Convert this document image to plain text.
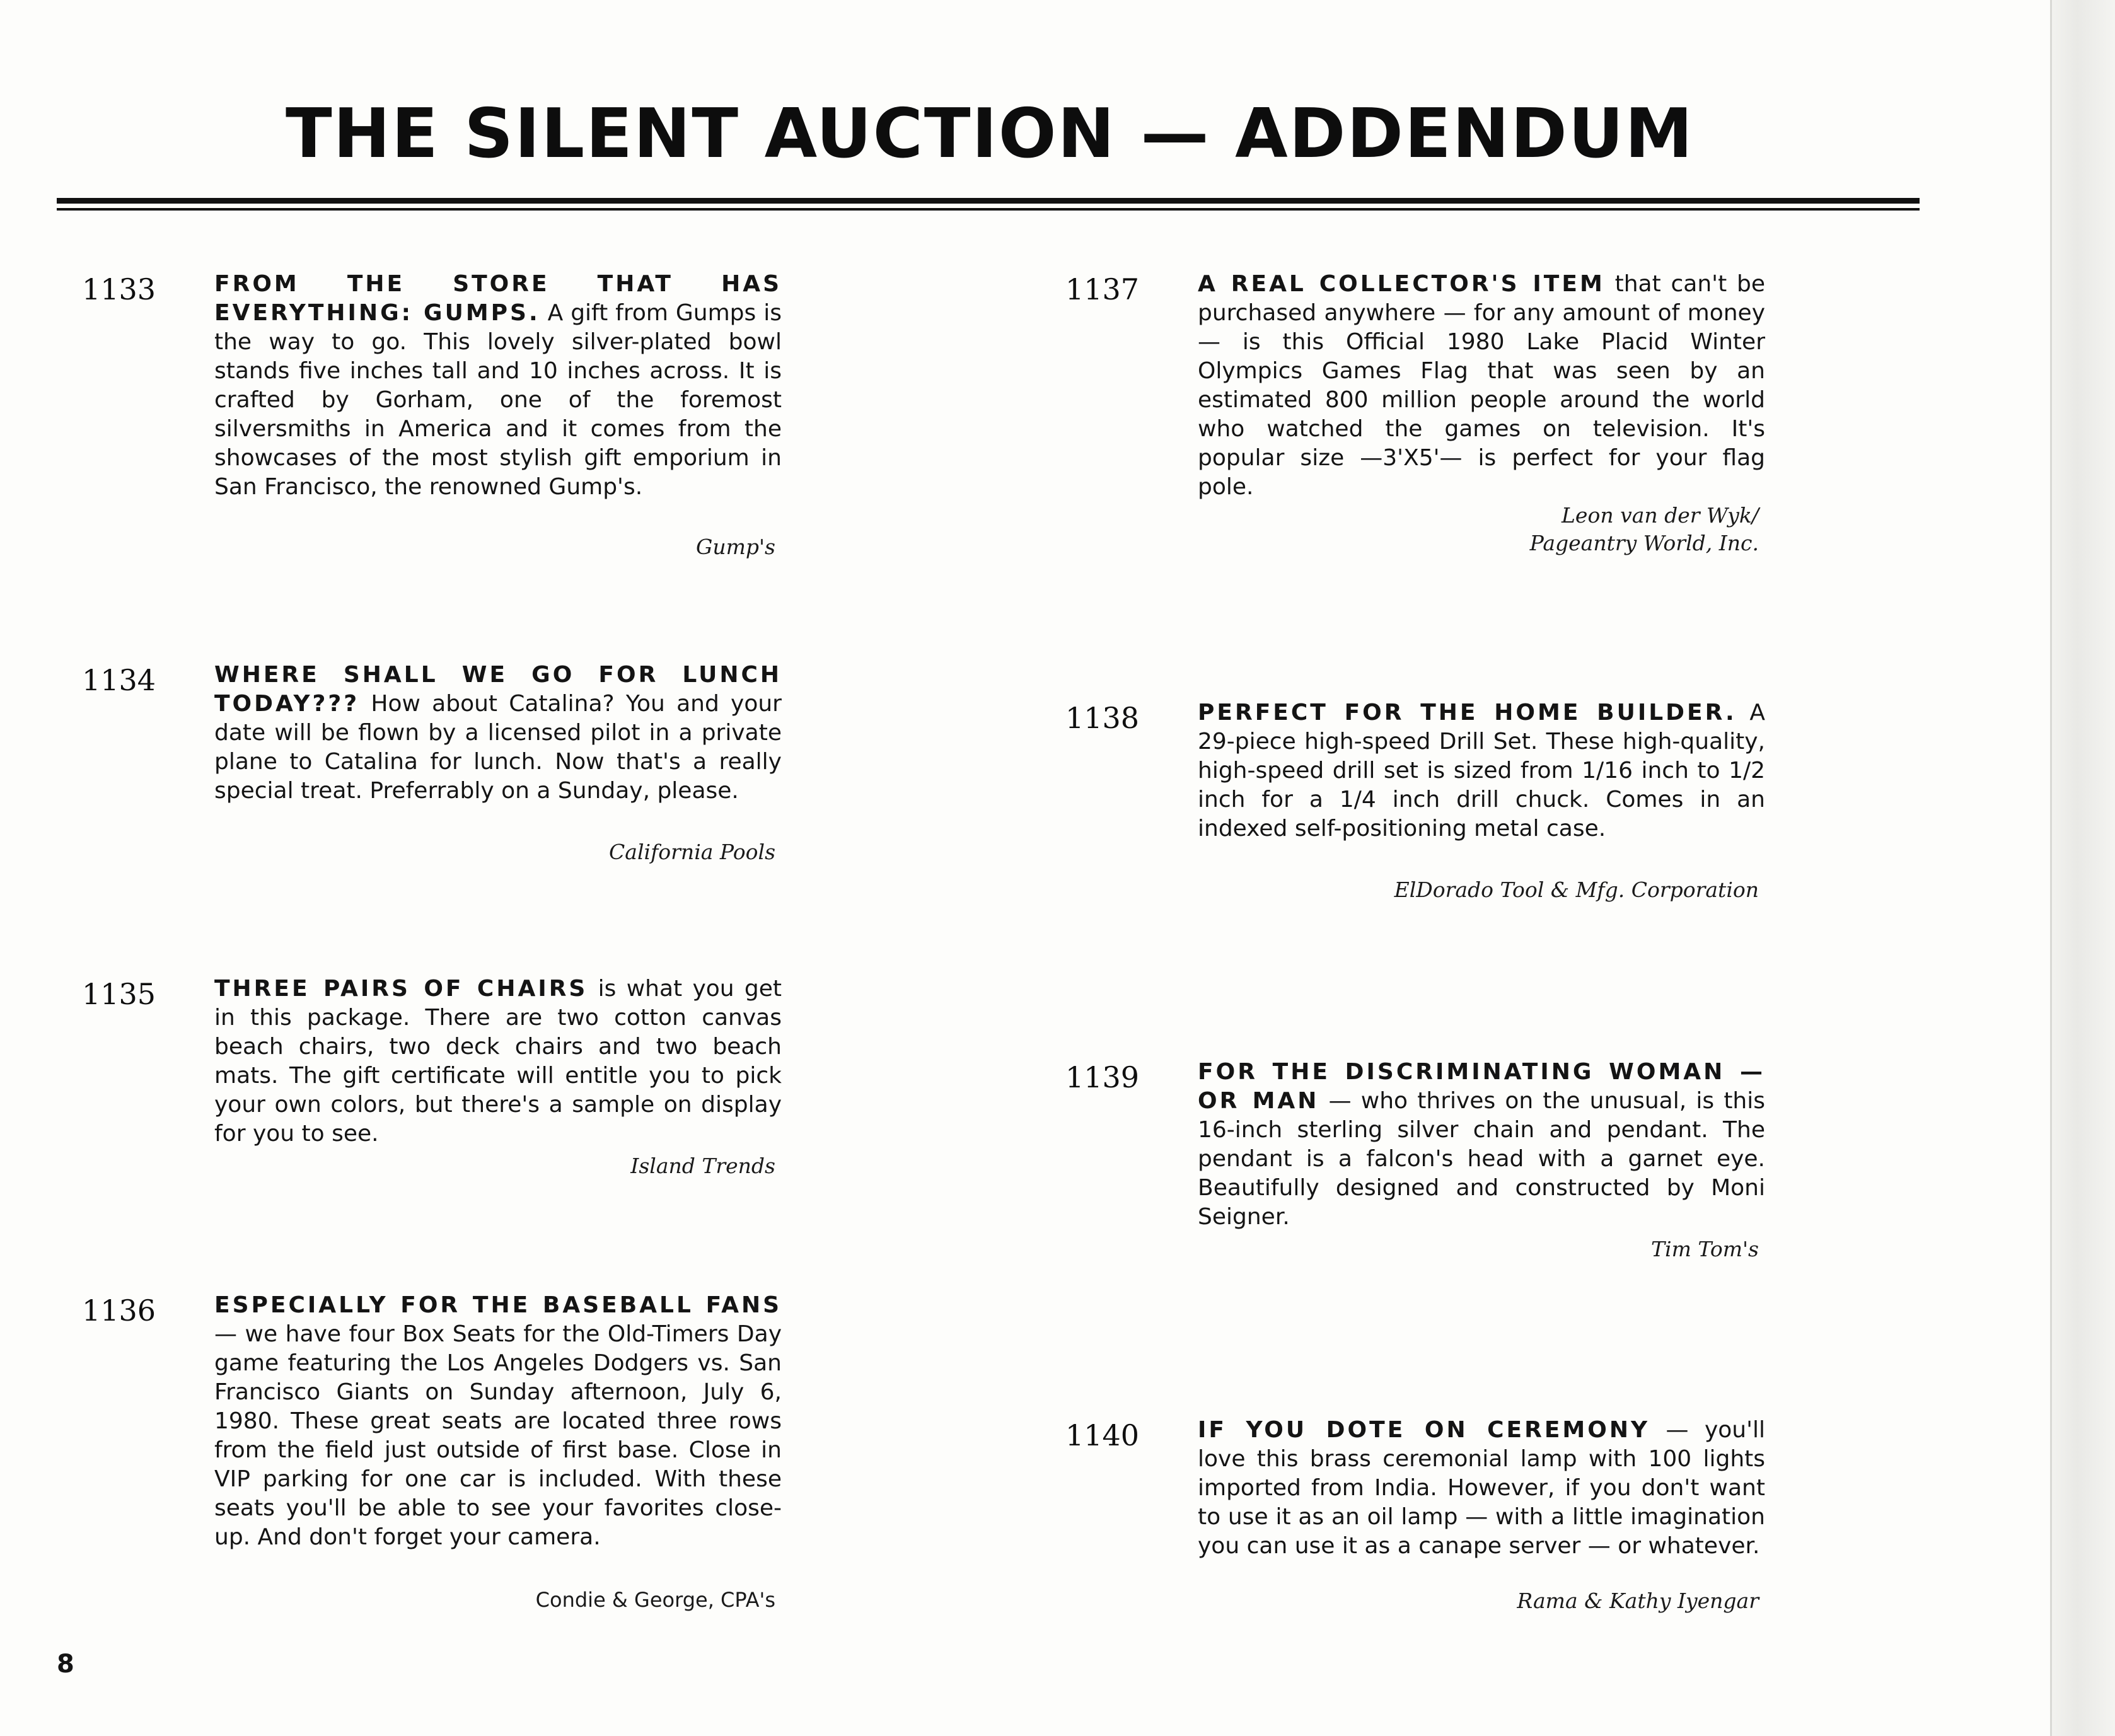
THE SILENT AUCTION — ADDENDUM
1133	FROM THE STORE THAT HAS EVERYTHING: GUMPS. A gift from Gumps is the way to go. This lovely silver-plated bowl stands five inches tall and 10 inches across. It is crafted by Gorham, one of the foremost silversmiths in America and it comes from the showcases of the most stylish gift emporium in San Francisco, the renowned Gump's.
Gump's
1134	WHERE SHALL WE GO FOR LUNCH TODAY??? How about Catalina? You and your date will be flown by a licensed pilot in a private plane to Catalina for lunch. Now that's a really special treat. Preferrably on a Sunday, please.
California Pools
1135	THREE PAIRS OF CHAIRS is what you get in this package. There are two cotton canvas beach chairs, two deck chairs and two beach mats. The gift certificate will entitle you to pick your own colors, but there's a sample on display for you to see.
Island Trends
1136	ESPECIALLY FOR THE BASEBALL FANS — we have four Box Seats for the Old-Timers Day game featuring the Los Angeles Dodgers vs. San Francisco Giants on Sunday afternoon, July 6, 1980. These great seats are located three rows from the field just outside of first base. Close in VIP parking for one car is included. With these seats you'll be able to see your favorites close-up. And don't forget your camera.
Condie & George, CPA's
1137	A REAL COLLECTOR'S ITEM that can't be purchased anywhere — for any amount of money — is this Official 1980 Lake Placid Winter Olympics Games Flag that was seen by an estimated 800 million people around the world who watched the games on television. It's popular size —3'X5'— is perfect for your flag pole.
Leon van der Wyk/
Pageantry World, Inc.
1138	PERFECT FOR THE HOME BUILDER. A 29-piece high-speed Drill Set. These high-quality, high-speed drill set is sized from 1/16 inch to 1/2 inch for a 1/4 inch drill chuck. Comes in an indexed self-positioning metal case.
ElDorado Tool & Mfg. Corporation
1139	FOR THE DISCRIMINATING WOMAN — OR MAN — who thrives on the unusual, is this 16-inch sterling silver chain and pendant. The pendant is a falcon's head with a garnet eye. Beautifully designed and constructed by Moni Seigner.
Tim Tom's
1140	IF YOU DOTE ON CEREMONY — you'll love this brass ceremonial lamp with 100 lights imported from India. However, if you don't want to use it as an oil lamp — with a little imagination you can use it as a canape server — or whatever.
Rama & Kathy Iyengar
8
